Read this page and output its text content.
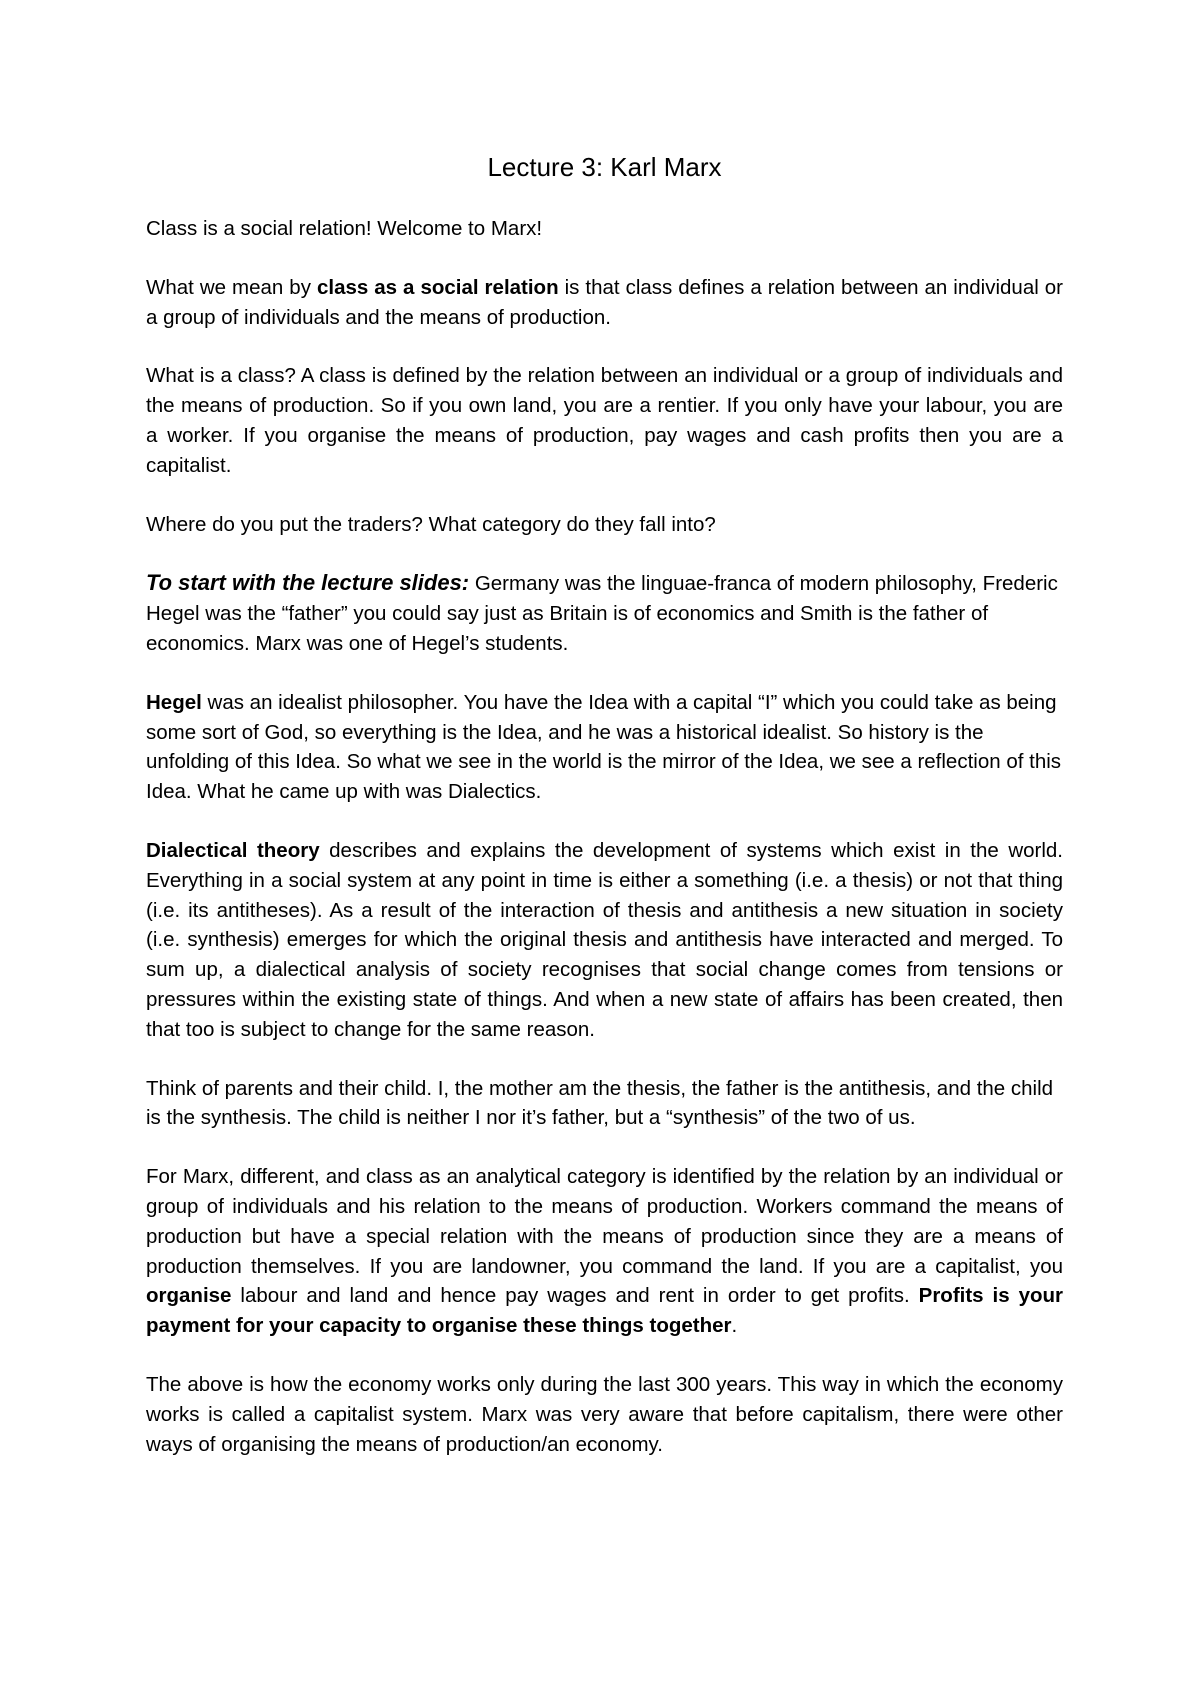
Lecture 3: Karl Marx

Class is a social relation! Welcome to Marx!

What we mean by class as a social relation is that class defines a relation between an individual or a group of individuals and the means of production.

What is a class? A class is defined by the relation between an individual or a group of individuals and the means of production. So if you own land, you are a rentier. If you only have your labour, you are a worker. If you organise the means of production, pay wages and cash profits then you are a capitalist.

Where do you put the traders? What category do they fall into?

To start with the lecture slides: Germany was the linguae-franca of modern philosophy, Frederic Hegel was the “father” you could say just as Britain is of economics and Smith is the father of economics. Marx was one of Hegel’s students.

Hegel was an idealist philosopher. You have the Idea with a capital “I” which you could take as being some sort of God, so everything is the Idea, and he was a historical idealist. So history is the unfolding of this Idea. So what we see in the world is the mirror of the Idea, we see a reflection of this Idea. What he came up with was Dialectics.

Dialectical theory describes and explains the development of systems which exist in the world. Everything in a social system at any point in time is either a something (i.e. a thesis) or not that thing (i.e. its antitheses). As a result of the interaction of thesis and antithesis a new situation in society (i.e. synthesis) emerges for which the original thesis and antithesis have interacted and merged. To sum up, a dialectical analysis of society recognises that social change comes from tensions or pressures within the existing state of things. And when a new state of affairs has been created, then that too is subject to change for the same reason.

Think of parents and their child. I, the mother am the thesis, the father is the antithesis, and the child is the synthesis. The child is neither I nor it’s father, but a “synthesis” of the two of us.

For Marx, different, and class as an analytical category is identified by the relation by an individual or group of individuals and his relation to the means of production. Workers command the means of production but have a special relation with the means of production since they are a means of production themselves. If you are landowner, you command the land. If you are a capitalist, you organise labour and land and hence pay wages and rent in order to get profits. Profits is your payment for your capacity to organise these things together.

The above is how the economy works only during the last 300 years. This way in which the economy works is called a capitalist system. Marx was very aware that before capitalism, there were other ways of organising the means of production/an economy.
